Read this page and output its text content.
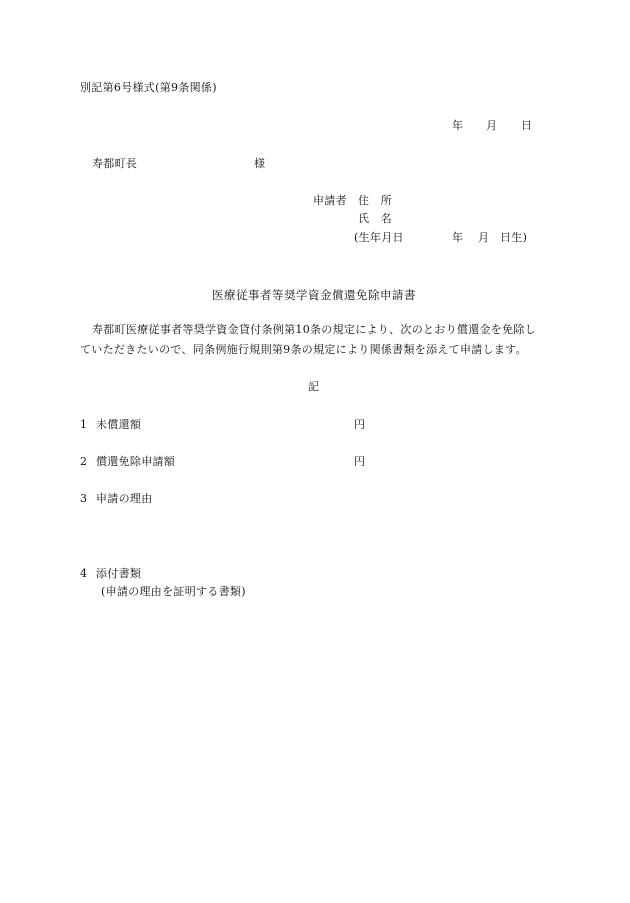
別記第6号様式(第9条関係)
年 月 日
寿都町長	様
申請者 住　所
氏　名
(生年月日	年 月 日生)
医療従事者等奨学資金償還免除申請書
寿都町医療従事者等奨学資金貸付条例第10条の規定により、次のとおり償還金を免除し
ていただきたいので、同条例施行規則第9条の規定により関係書類を添えて申請します。
記
1 未償還額	円
2 償還免除申請額	円
3 申請の理由
4 添付書類
(申請の理由を証明する書類)
